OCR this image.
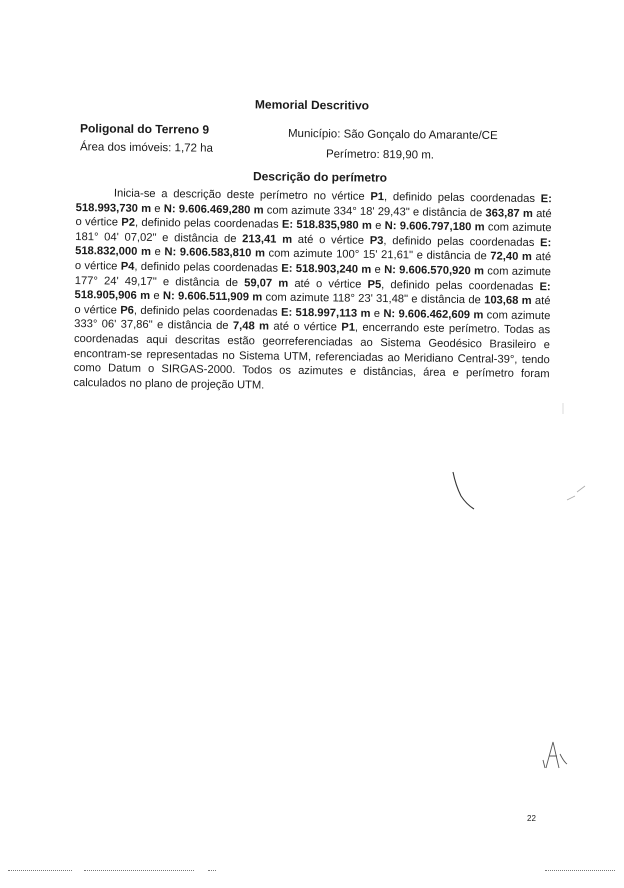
Memorial Descritivo
Poligonal do Terreno 9
Área dos imóveis: 1,72 ha
Município: São Gonçalo do Amarante/CE
Perímetro: 819,90 m.
Descrição do perímetro
Inicia-se a descrição deste perímetro no vértice P1, definido pelas coordenadas E: 518.993,730 m e N: 9.606.469,280 m com azimute 334° 18' 29,43" e distância de 363,87 m até o vértice P2, definido pelas coordenadas E: 518.835,980 m e N: 9.606.797,180 m com azimute 181° 04' 07,02" e distância de 213,41 m até o vértice P3, definido pelas coordenadas E: 518.832,000 m e N: 9.606.583,810 m com azimute 100° 15' 21,61" e distância de 72,40 m até o vértice P4, definido pelas coordenadas E: 518.903,240 m e N: 9.606.570,920 m com azimute 177° 24' 49,17" e distância de 59,07 m até o vértice P5, definido pelas coordenadas E: 518.905,906 m e N: 9.606.511,909 m com azimute 118° 23' 31,48" e distância de 103,68 m até o vértice P6, definido pelas coordenadas E: 518.997,113 m e N: 9.606.462,609 m com azimute 333° 06' 37,86" e distância de 7,48 m até o vértice P1, encerrando este perímetro. Todas as coordenadas aqui descritas estão georreferenciadas ao Sistema Geodésico Brasileiro e encontram-se representadas no Sistema UTM, referenciadas ao Meridiano Central-39°, tendo como Datum o SIRGAS-2000. Todos os azimutes e distâncias, área e perímetro foram calculados no plano de projeção UTM.
22
